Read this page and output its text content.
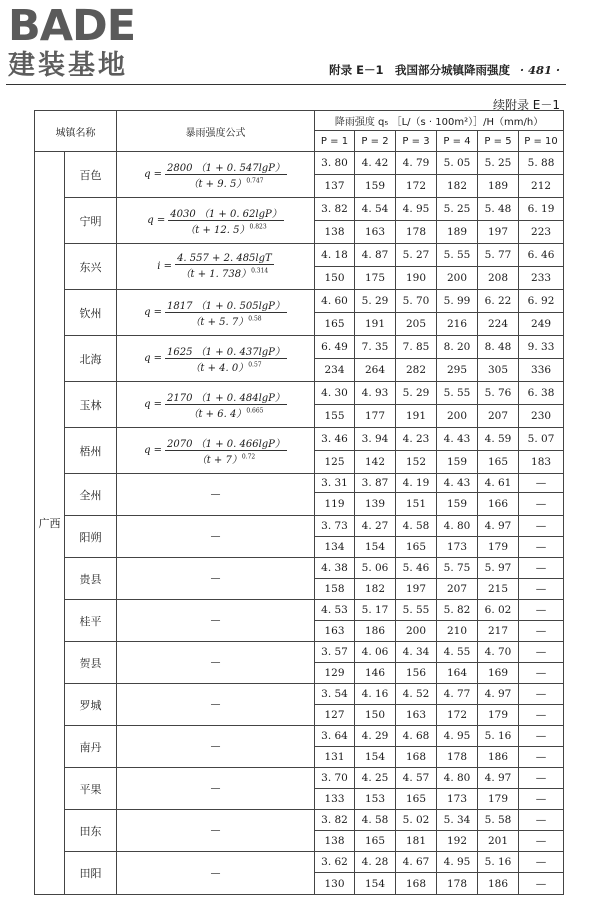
BADE
建装基地	附录 E－1　我国部分城镇降雨强度 · 481 ·
续附录 E－1
城镇名称		暴雨强度公式	降雨强度 q₅ ［L/（s · 100m²）］/H（mm/h）					
			P = 1	P = 2	P = 3	P = 4	P = 5	P = 10
广西	百色	$q = \frac{2800 (1 + 0. 547\lg P)}{(t + 9. 5)^{0.747}}$	3. 80	4. 42	4. 79	5. 05	5. 25	5. 88
			137	159	172	182	189	212
	宁明	$q = \frac{4030 (1 + 0. 62\lg P)}{(t + 12. 5)^{0.823}}$	3. 82	4. 54	4. 95	5. 25	5. 48	6. 19
			138	163	178	189	197	223
	东兴	$i = \frac{4. 557 + 2. 485\lg T}{(t + 1. 738)^{0.314}}$	4. 18	4. 87	5. 27	5. 55	5. 77	6. 46
			150	175	190	200	208	233
	钦州	$q = \frac{1817 (1 + 0. 505\lg P)}{(t + 5. 7)^{0.58}}$	4. 60	5. 29	5. 70	5. 99	6. 22	6. 92
			165	191	205	216	224	249
	北海	$q = \frac{1625 (1 + 0. 437\lg P)}{(t + 4. 0)^{0.57}}$	6. 49	7. 35	7. 85	8. 20	8. 48	9. 33
			234	264	282	295	305	336
	玉林	$q = \frac{2170 (1 + 0. 484\lg P)}{(t + 6. 4)^{0.665}}$	4. 30	4. 93	5. 29	5. 55	5. 76	6. 38
			155	177	191	200	207	230
	梧州	$q = \frac{2070 (1 + 0. 466\lg P)}{(t + 7)^{0.72}}$	3. 46	3. 94	4. 23	4. 43	4. 59	5. 07
			125	142	152	159	165	183
	全州	—	3. 31	3. 87	4. 19	4. 43	4. 61	—
			119	139	151	159	166	—
	阳朔	—	3. 73	4. 27	4. 58	4. 80	4. 97	—
			134	154	165	173	179	—
	贵县	—	4. 38	5. 06	5. 46	5. 75	5. 97	—
			158	182	197	207	215	—
	桂平	—	4. 53	5. 17	5. 55	5. 82	6. 02	—
			163	186	200	210	217	—
	贺县	—	3. 57	4. 06	4. 34	4. 55	4. 70	—
			129	146	156	164	169	—
	罗城	—	3. 54	4. 16	4. 52	4. 77	4. 97	—
			127	150	163	172	179	—
	南丹	—	3. 64	4. 29	4. 68	4. 95	5. 16	—
			131	154	168	178	186	—
	平果	—	3. 70	4. 25	4. 57	4. 80	4. 97	—
			133	153	165	173	179	—
	田东	—	3. 82	4. 58	5. 02	5. 34	5. 58	—
			138	165	181	192	201	—
	田阳	—	3. 62	4. 28	4. 67	4. 95	5. 16	—
			130	154	168	178	186	—
